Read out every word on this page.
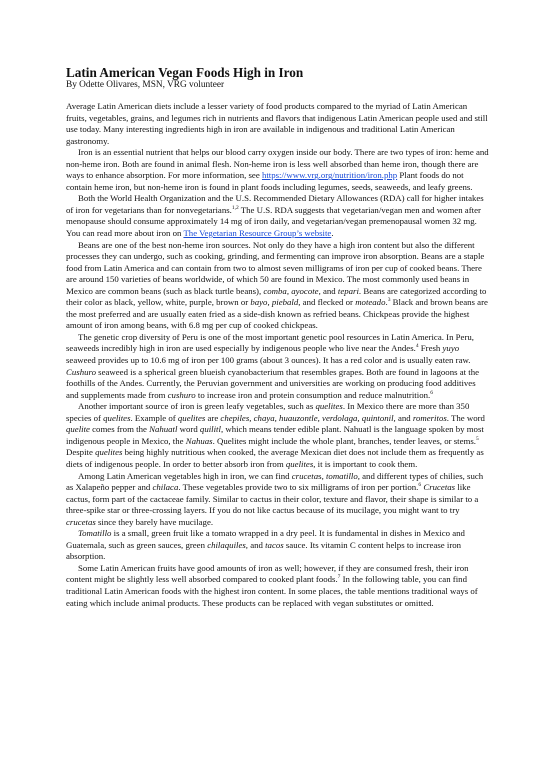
Latin American Vegan Foods High in Iron
By Odette Olivares, MSN, VRG volunteer

Average Latin American diets include a lesser variety of food products compared to the myriad of Latin American fruits, vegetables, grains, and legumes rich in nutrients and flavors that indigenous Latin American people used and still use today. Many interesting ingredients high in iron are available in indigenous and traditional Latin American gastronomy.

Iron is an essential nutrient that helps our blood carry oxygen inside our body. There are two types of iron: heme and non-heme iron. Both are found in animal flesh. Non-heme iron is less well absorbed than heme iron, though there are ways to enhance absorption. For more information, see https://www.vrg.org/nutrition/iron.php Plant foods do not contain heme iron, but non-heme iron is found in plant foods including legumes, seeds, seaweeds, and leafy greens.

Both the World Health Organization and the U.S. Recommended Dietary Allowances (RDA) call for higher intakes of iron for vegetarians than for nonvegetarians.$^{1,2}$ The U.S. RDA suggests that vegetarian/vegan men and women after menopause should consume approximately 14 mg of iron daily, and vegetarian/vegan premenopausal women 32 mg. You can read more about iron on The Vegetarian Resource Group’s website.

Beans are one of the best non-heme iron sources. Not only do they have a high iron content but also the different processes they can undergo, such as cooking, grinding, and fermenting can improve iron absorption. Beans are a staple food from Latin America and can contain from two to almost seven milligrams of iron per cup of cooked beans. There are around 150 varieties of beans worldwide, of which 50 are found in Mexico. The most commonly used beans in Mexico are common beans (such as black turtle beans), comba, ayocote, and tepari. Beans are categorized according to their color as black, yellow, white, purple, brown or bayo, piebald, and flecked or moteado.$^3$ Black and brown beans are the most preferred and are usually eaten fried as a side-dish known as refried beans. Chickpeas provide the highest amount of iron among beans, with 6.8 mg per cup of cooked chickpeas.

The genetic crop diversity of Peru is one of the most important genetic pool resources in Latin America. In Peru, seaweeds incredibly high in iron are used especially by indigenous people who live near the Andes.$^4$ Fresh yuyo seaweed provides up to 10.6 mg of iron per 100 grams (about 3 ounces). It has a red color and is usually eaten raw. Cushuro seaweed is a spherical green blueish cyanobacterium that resembles grapes. Both are found in lagoons at the foothills of the Andes. Currently, the Peruvian government and universities are working on producing food additives and supplements made from cushuro to increase iron and protein consumption and reduce malnutrition.$^6$

Another important source of iron is green leafy vegetables, such as quelites. In Mexico there are more than 350 species of quelites. Example of quelites are chepiles, chaya, huauzontle, verdolaga, quintonil, and romeritos. The word quelite comes from the Nahuatl word quilitl, which means tender edible plant. Nahuatl is the language spoken by most indigenous people in Mexico, the Nahuas. Quelites might include the whole plant, branches, tender leaves, or stems.$^5$ Despite quelites being highly nutritious when cooked, the average Mexican diet does not include them as frequently as diets of indigenous people. In order to better absorb iron from quelites, it is important to cook them.

Among Latin American vegetables high in iron, we can find crucetas, tomatillo, and different types of chilies, such as Xalapeño pepper and chilaca. These vegetables provide two to six milligrams of iron per portion.$^6$ Crucetas like cactus, form part of the cactaceae family. Similar to cactus in their color, texture and flavor, their shape is similar to a three-spike star or three-crossing layers. If you do not like cactus because of its mucilage, you might want to try crucetas since they barely have mucilage.

Tomatillo is a small, green fruit like a tomato wrapped in a dry peel. It is fundamental in dishes in Mexico and Guatemala, such as green sauces, green chilaquiles, and tacos sauce. Its vitamin C content helps to increase iron absorption.

Some Latin American fruits have good amounts of iron as well; however, if they are consumed fresh, their iron content might be slightly less well absorbed compared to cooked plant foods.$^7$ In the following table, you can find traditional Latin American foods with the highest iron content. In some places, the table mentions traditional ways of eating which include animal products. These products can be replaced with vegan substitutes or omitted.
